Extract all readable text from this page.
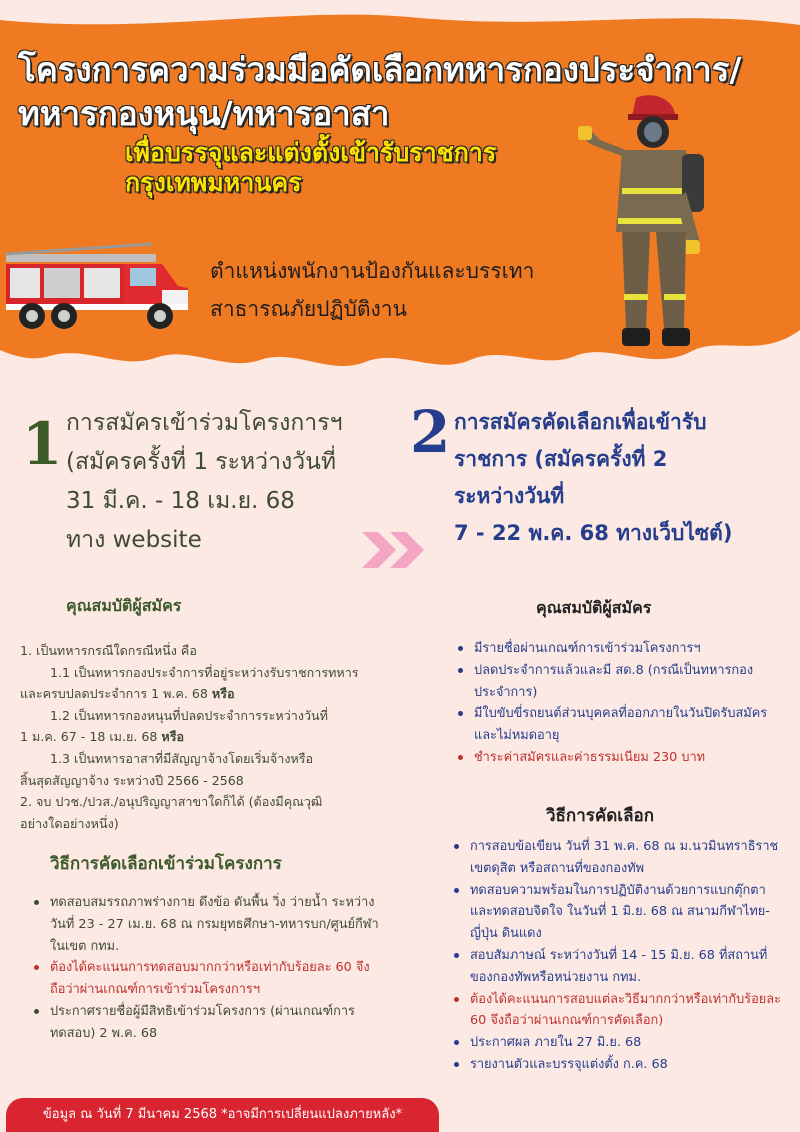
โครงการความร่วมมือคัดเลือกทหารกองประจำการ/
ทหารกองหนุน/ทหารอาสา
เพื่อบรรจุและแต่งตั้งเข้ารับราชการ
กรุงเทพมหานคร
ตำแหน่งพนักงานป้องกันและบรรเทา
สาธารณภัยปฏิบัติงาน
1 การสมัครเข้าร่วมโครงการฯ
(สมัครครั้งที่ 1 ระหว่างวันที่
31 มี.ค. - 18 เม.ย. 68
ทาง website
2 การสมัครคัดเลือกเพื่อเข้ารับ
ราชการ (สมัครครั้งที่ 2
ระหว่างวันที่
7 - 22 พ.ค. 68 ทางเว็บไซต์)
คุณสมบัติผู้สมัคร
1. เป็นทหารกรณีใดกรณีหนึ่ง คือ
1.1 เป็นทหารกองประจำการที่อยู่ระหว่างรับราชการทหาร
และครบปลดประจำการ 1 พ.ค. 68 หรือ
1.2 เป็นทหารกองหนุนที่ปลดประจำการระหว่างวันที่
1 ม.ค. 67 - 18 เม.ย. 68 หรือ
1.3 เป็นทหารอาสาที่มีสัญญาจ้างโดยเริ่มจ้างหรือ
สิ้นสุดสัญญาจ้าง ระหว่างปี 2566 - 2568
2. จบ ปวช./ปวส./อนุปริญญาสาขาใดก็ได้ (ต้องมีคุณวุฒิ
อย่างใดอย่างหนึ่ง)
วิธีการคัดเลือกเข้าร่วมโครงการ
ทดสอบสมรรถภาพร่างกาย ดึงข้อ ดันพื้น วิ่ง ว่ายน้ำ ระหว่างวันที่ 23 - 27 เม.ย. 68 ณ กรมยุทธศึกษา-ทหารบก/ศูนย์กีฬาในเขต กทม.
ต้องได้คะแนนการทดสอบมากกว่าหรือเท่ากับร้อยละ 60 จึงถือว่าผ่านเกณฑ์การเข้าร่วมโครงการฯ
ประกาศรายชื่อผู้มีสิทธิเข้าร่วมโครงการ (ผ่านเกณฑ์การทดสอบ) 2 พ.ค. 68
คุณสมบัติผู้สมัคร
มีรายชื่อผ่านเกณฑ์การเข้าร่วมโครงการฯ
ปลดประจำการแล้วและมี สด.8 (กรณีเป็นทหารกองประจำการ)
มีใบขับขี่รถยนต์ส่วนบุคคลที่ออกภายในวันปิดรับสมัคร และไม่หมดอายุ
ชำระค่าสมัครและค่าธรรมเนียม 230 บาท
วิธีการคัดเลือก
การสอบข้อเขียน วันที่ 31 พ.ค. 68 ณ ม.นวมินทราธิราช เขตดุสิต หรือสถานที่ของกองทัพ
ทดสอบความพร้อมในการปฏิบัติงานด้วยการแบกตุ๊กตา และทดสอบจิตใจ ในวันที่ 1 มิ.ย. 68 ณ สนามกีฬาไทย-ญี่ปุ่น ดินแดง
สอบสัมภาษณ์ ระหว่างวันที่ 14 - 15 มิ.ย. 68 ที่สถานที่ของกองทัพหรือหน่วยงาน กทม.
ต้องได้คะแนนการสอบแต่ละวิธีมากกว่าหรือเท่ากับร้อยละ 60 จึงถือว่าผ่านเกณฑ์การคัดเลือก)
ประกาศผล ภายใน 27 มิ.ย. 68
รายงานตัวและบรรจุแต่งตั้ง ก.ค. 68
ข้อมูล ณ วันที่ 7 มีนาคม 2568 *อาจมีการเปลี่ยนแปลงภายหลัง*
